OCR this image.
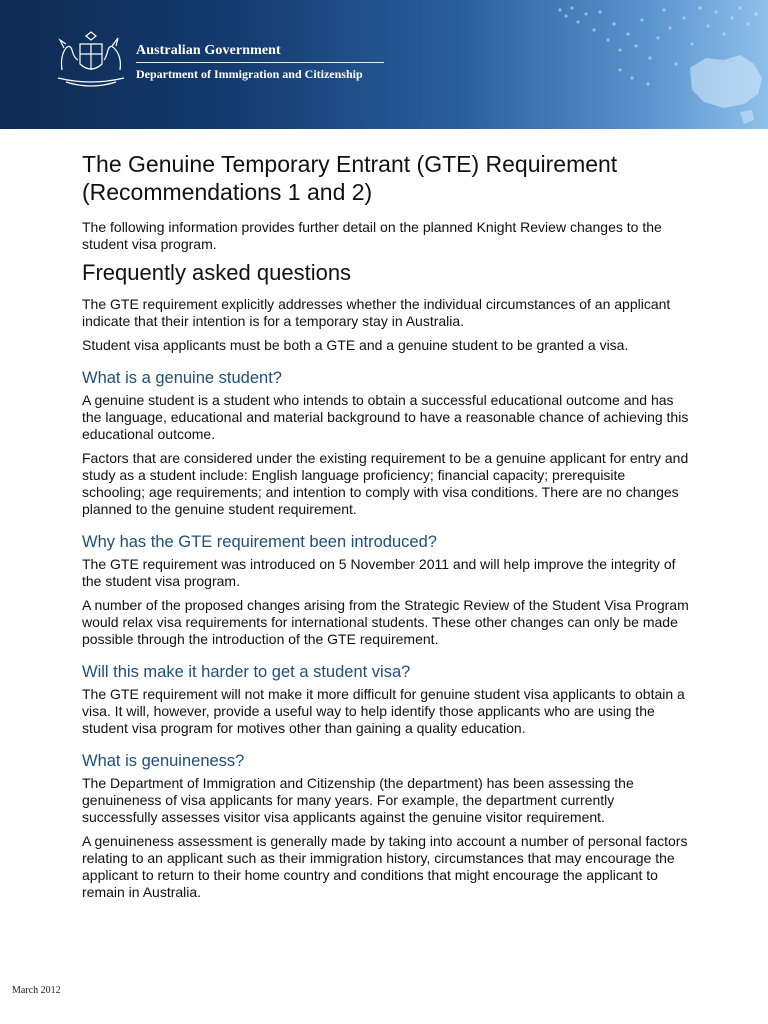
Australian Government
Department of Immigration and Citizenship
The Genuine Temporary Entrant (GTE) Requirement (Recommendations 1 and 2)

The following information provides further detail on the planned Knight Review changes to the student visa program.

Frequently asked questions

The GTE requirement explicitly addresses whether the individual circumstances of an applicant indicate that their intention is for a temporary stay in Australia.

Student visa applicants must be both a GTE and a genuine student to be granted a visa.

What is a genuine student?

A genuine student is a student who intends to obtain a successful educational outcome and has the language, educational and material background to have a reasonable chance of achieving this educational outcome.

Factors that are considered under the existing requirement to be a genuine applicant for entry and study as a student include: English language proficiency; financial capacity; prerequisite schooling; age requirements; and intention to comply with visa conditions. There are no changes planned to the genuine student requirement.

Why has the GTE requirement been introduced?

The GTE requirement was introduced on 5 November 2011 and will help improve the integrity of the student visa program.

A number of the proposed changes arising from the Strategic Review of the Student Visa Program would relax visa requirements for international students. These other changes can only be made possible through the introduction of the GTE requirement.

Will this make it harder to get a student visa?

The GTE requirement will not make it more difficult for genuine student visa applicants to obtain a visa. It will, however, provide a useful way to help identify those applicants who are using the student visa program for motives other than gaining a quality education.

What is genuineness?

The Department of Immigration and Citizenship (the department) has been assessing the genuineness of visa applicants for many years. For example, the department currently successfully assesses visitor visa applicants against the genuine visitor requirement.

A genuineness assessment is generally made by taking into account a number of personal factors relating to an applicant such as their immigration history, circumstances that may encourage the applicant to return to their home country and conditions that might encourage the applicant to remain in Australia.

March 2012
